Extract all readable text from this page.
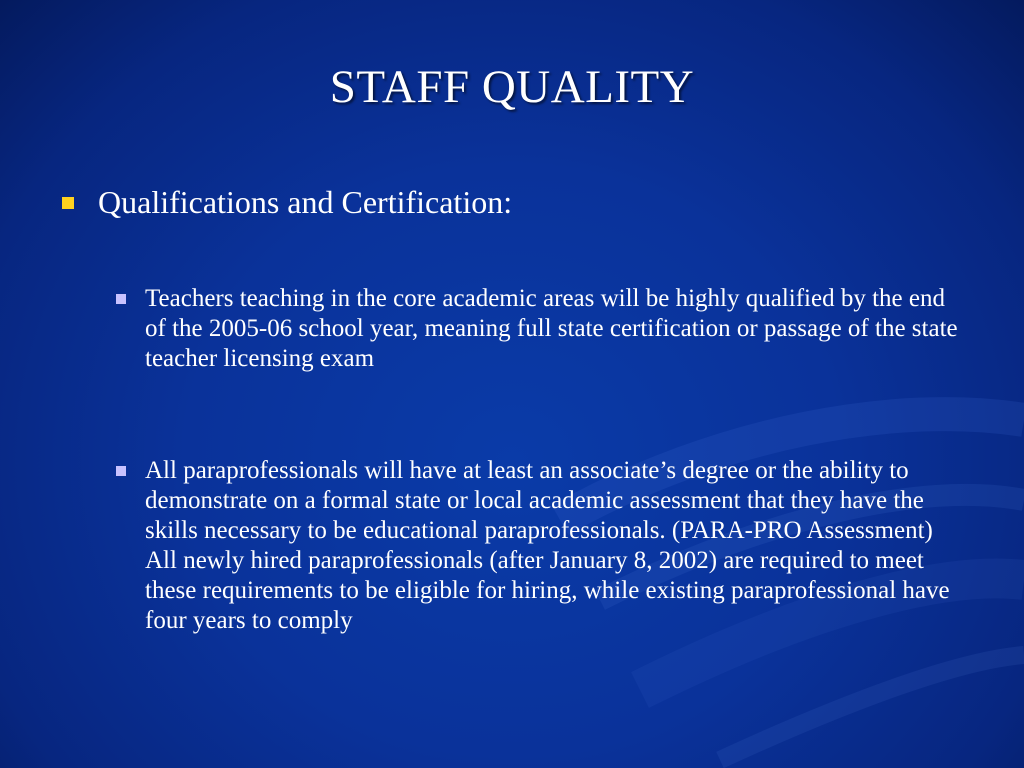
STAFF QUALITY
Qualifications and Certification:
Teachers teaching in the core academic areas will be highly qualified by the end of the 2005-06 school year, meaning full state certification or passage of the state teacher licensing exam
All paraprofessionals will have at least an associate’s degree or the ability to demonstrate on a formal state or local academic assessment that they have the skills necessary to be educational paraprofessionals. (PARA-PRO Assessment) All newly hired paraprofessionals (after January 8, 2002) are required to meet these requirements to be eligible for hiring, while existing paraprofessional have four years to comply
